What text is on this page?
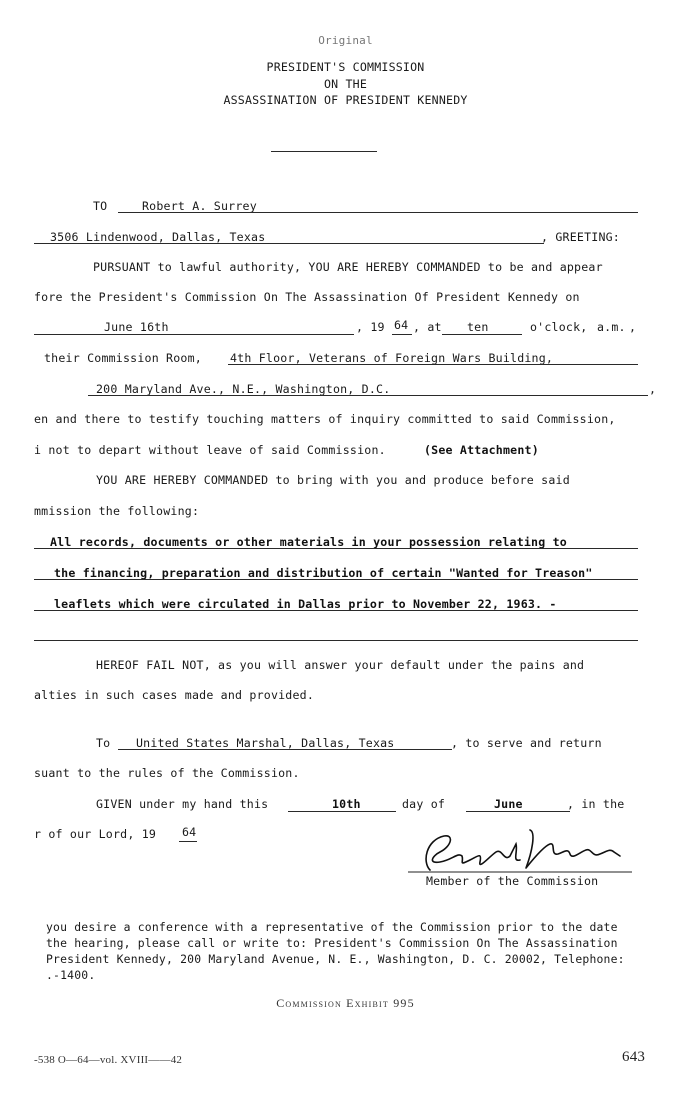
Original
PRESIDENT'S COMMISSION
ON THE
ASSASSINATION OF PRESIDENT KENNEDY
TO	Robert A. Surrey
3506 Lindenwood, Dallas, Texas	, GREETING:
PURSUANT to lawful authority, YOU ARE HEREBY COMMANDED to be and appear
fore the President's Commission On The Assassination Of President Kennedy on
June 16th	, 19 64 , at ten	o'clock, a.m. ,
their Commission Room, 4th Floor, Veterans of Foreign Wars Building,
200 Maryland Ave., N.E., Washington, D.C.	,
en and there to testify touching matters of inquiry committed to said Commission,
i not to depart without leave of said Commission.	(See Attachment)
YOU ARE HEREBY COMMANDED to bring with you and produce before said
mmission the following:
All records, documents or other materials in your possession relating to
the financing, preparation and distribution of certain "Wanted for Treason"
leaflets which were circulated in Dallas prior to November 22, 1963. -
HEREOF FAIL NOT, as you will answer your default under the pains and
alties in such cases made and provided.
To United States Marshal, Dallas, Texas	, to serve and return
suant to the rules of the Commission.
GIVEN under my hand this	10th	day of	June	, in the
r of our Lord, 19 64
Member of the Commission
you desire a conference with a representative of the Commission prior to the date
the hearing, please call or write to: President's Commission On The Assassination
President Kennedy, 200 Maryland Avenue, N. E., Washington, D. C. 20002, Telephone:
.-1400.
Commission Exhibit 995
-538 O—64—vol. XVIII——42	643
